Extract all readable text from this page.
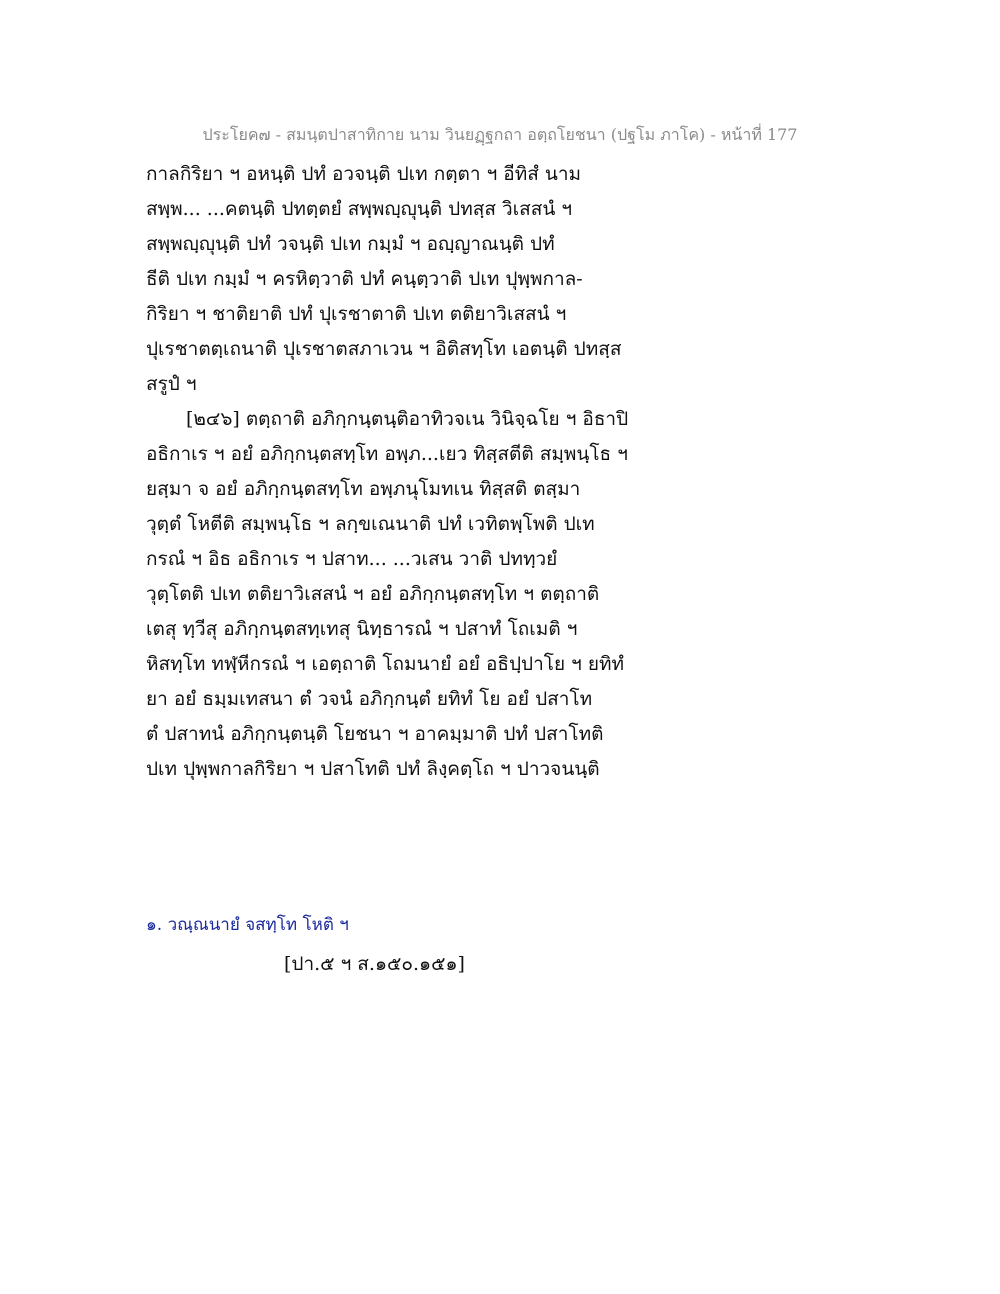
ประโยค๗ - สมนฺตปาสาทิกาย นาม วินยฏฺฐกถา อตฺถโยชนา (ปฐโม ภาโค) - หน้าที่ 177
กาลกิริยา ฯ อหนฺติ ปทํ อวจนฺติ ปเท กตฺตา ฯ อีทิสํ นาม
สพฺพ... ...คตนฺติ ปทตฺตยํ สพฺพญฺญุนฺติ ปทสฺส วิเสสนํ ฯ
สพฺพญฺญุนฺติ ปทํ วจนฺติ ปเท กมฺมํ ฯ อญฺญาณนฺติ ปทํ
ธีติ ปเท กมฺมํ ฯ ครหิตฺวาติ ปทํ คนฺตฺวาติ ปเท ปุพฺพกาล-
กิริยา ฯ ชาติยาติ ปทํ ปุเรชาตาติ ปเท ตติยาวิเสสนํ ฯ
ปุเรชาตตฺเถนาติ ปุเรชาตสภาเวน ฯ อิติสทฺโท เอตนฺติ ปทสฺส
สรูปํ ฯ
[๒๔๖] ตตฺถาติ อภิกฺกนฺตนฺติอาทิวจเน วินิจฺฉโย ฯ อิธาปิ
อธิกาเร ฯ อยํ อภิกฺกนฺตสทฺโท อพฺภ...เยว ทิสฺสตีติ สมฺพนฺโธ ฯ
ยสฺมา จ อยํ อภิกฺกนฺตสทฺโท อพฺภนุโมทเน ทิสฺสติ ตสฺมา
วุตฺตํ โหตีติ สมฺพนฺโธ ฯ ลกฺขเณนาติ ปทํ เวทิตพฺโพติ ปเท
กรณํ ฯ อิธ อธิกาเร ฯ ปสาท... ...วเสน วาติ ปททฺวยํ
วุตฺโตติ ปเท ตติยาวิเสสนํ ฯ อยํ อภิกฺกนฺตสทฺโท ฯ ตตฺถาติ
เตสุ ทฺวีสุ อภิกฺกนฺตสทฺเทสุ นิทฺธารณํ ฯ ปสาทํ โถเมติ ฯ
หิสทฺโท ทฬฺหีกรณํ ฯ เอตฺถาติ โถมนายํ อยํ อธิปฺปาโย ฯ ยทิทํ
ยา อยํ ธมฺมเทสนา ตํ วจนํ อภิกฺกนฺตํ ยทิทํ โย อยํ ปสาโท
ตํ ปสาทนํ อภิกฺกนฺตนฺติ โยชนา ฯ อาคมฺมาติ ปทํ ปสาโทติ
ปเท ปุพฺพกาลกิริยา ฯ ปสาโทติ ปทํ ลิงฺคตฺโถ ฯ ปาวจนนฺติ
๑. วณฺณนายํ จสทฺโท โหติ ฯ
[ปา.๕ ฯ ส.๑๕๐.๑๕๑]
